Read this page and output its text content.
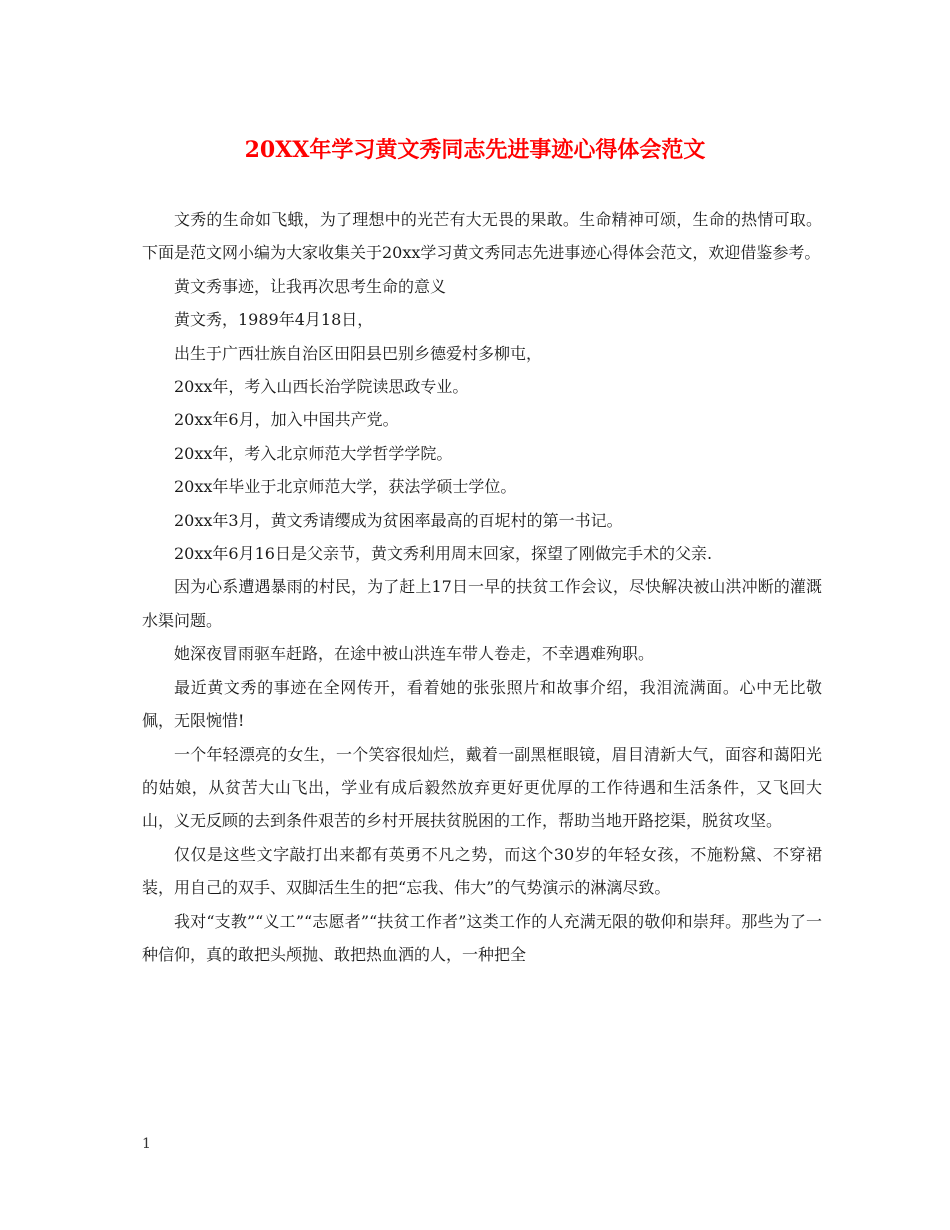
20XX年学习黄文秀同志先进事迹心得体会范文

文秀的生命如飞蛾，为了理想中的光芒有大无畏的果敢。生命精神可颂，生命的热情可取。下面是范文网小编为大家收集关于20xx学习黄文秀同志先进事迹心得体会范文，欢迎借鉴参考。

黄文秀事迹，让我再次思考生命的意义

黄文秀，1989年4月18日，

出生于广西壮族自治区田阳县巴别乡德爱村多柳屯，

20xx年，考入山西长治学院读思政专业。

20xx年6月，加入中国共产党。

20xx年，考入北京师范大学哲学学院。

20xx年毕业于北京师范大学，获法学硕士学位。

20xx年3月，黄文秀请缨成为贫困率最高的百坭村的第一书记。

20xx年6月16日是父亲节，黄文秀利用周末回家，探望了刚做完手术的父亲.

因为心系遭遇暴雨的村民，为了赶上17日一早的扶贫工作会议，尽快解决被山洪冲断的灌溉水渠问题。

她深夜冒雨驱车赶路，在途中被山洪连车带人卷走，不幸遇难殉职。

最近黄文秀的事迹在全网传开，看着她的张张照片和故事介绍，我泪流满面。心中无比敬佩，无限惋惜!

一个年轻漂亮的女生，一个笑容很灿烂，戴着一副黑框眼镜，眉目清新大气，面容和蔼阳光的姑娘，从贫苦大山飞出，学业有成后毅然放弃更好更优厚的工作待遇和生活条件，又飞回大山，义无反顾的去到条件艰苦的乡村开展扶贫脱困的工作，帮助当地开路挖渠，脱贫攻坚。

仅仅是这些文字敲打出来都有英勇不凡之势，而这个30岁的年轻女孩，不施粉黛、不穿裙装，用自己的双手、双脚活生生的把“忘我、伟大”的气势演示的淋漓尽致。

我对“支教”“义工”“志愿者”“扶贫工作者”这类工作的人充满无限的敬仰和崇拜。那些为了一种信仰，真的敢把头颅抛、敢把热血洒的人，一种把全

1
